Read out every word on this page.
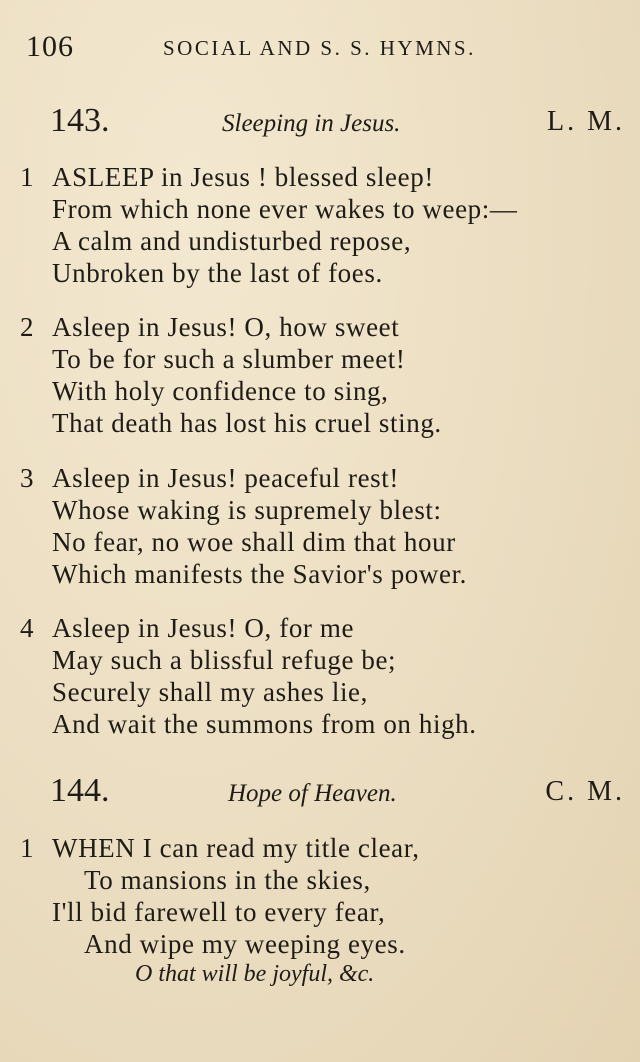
106	SOCIAL AND S. S. HYMNS.
143.	Sleeping in Jesus.	L. M.
1 ASLEEP in Jesus ! blessed sleep!
From which none ever wakes to weep:—
A calm and undisturbed repose,
Unbroken by the last of foes.
2 Asleep in Jesus! O, how sweet
To be for such a slumber meet!
With holy confidence to sing,
That death has lost his cruel sting.
3 Asleep in Jesus! peaceful rest!
Whose waking is supremely blest:
No fear, no woe shall dim that hour
Which manifests the Savior's power.
4 Asleep in Jesus! O, for me
May such a blissful refuge be;
Securely shall my ashes lie,
And wait the summons from on high.
144.	Hope of Heaven.	C. M.
1 WHEN I can read my title clear,
To mansions in the skies,
I'll bid farewell to every fear,
And wipe my weeping eyes.
O that will be joyful, &c.
